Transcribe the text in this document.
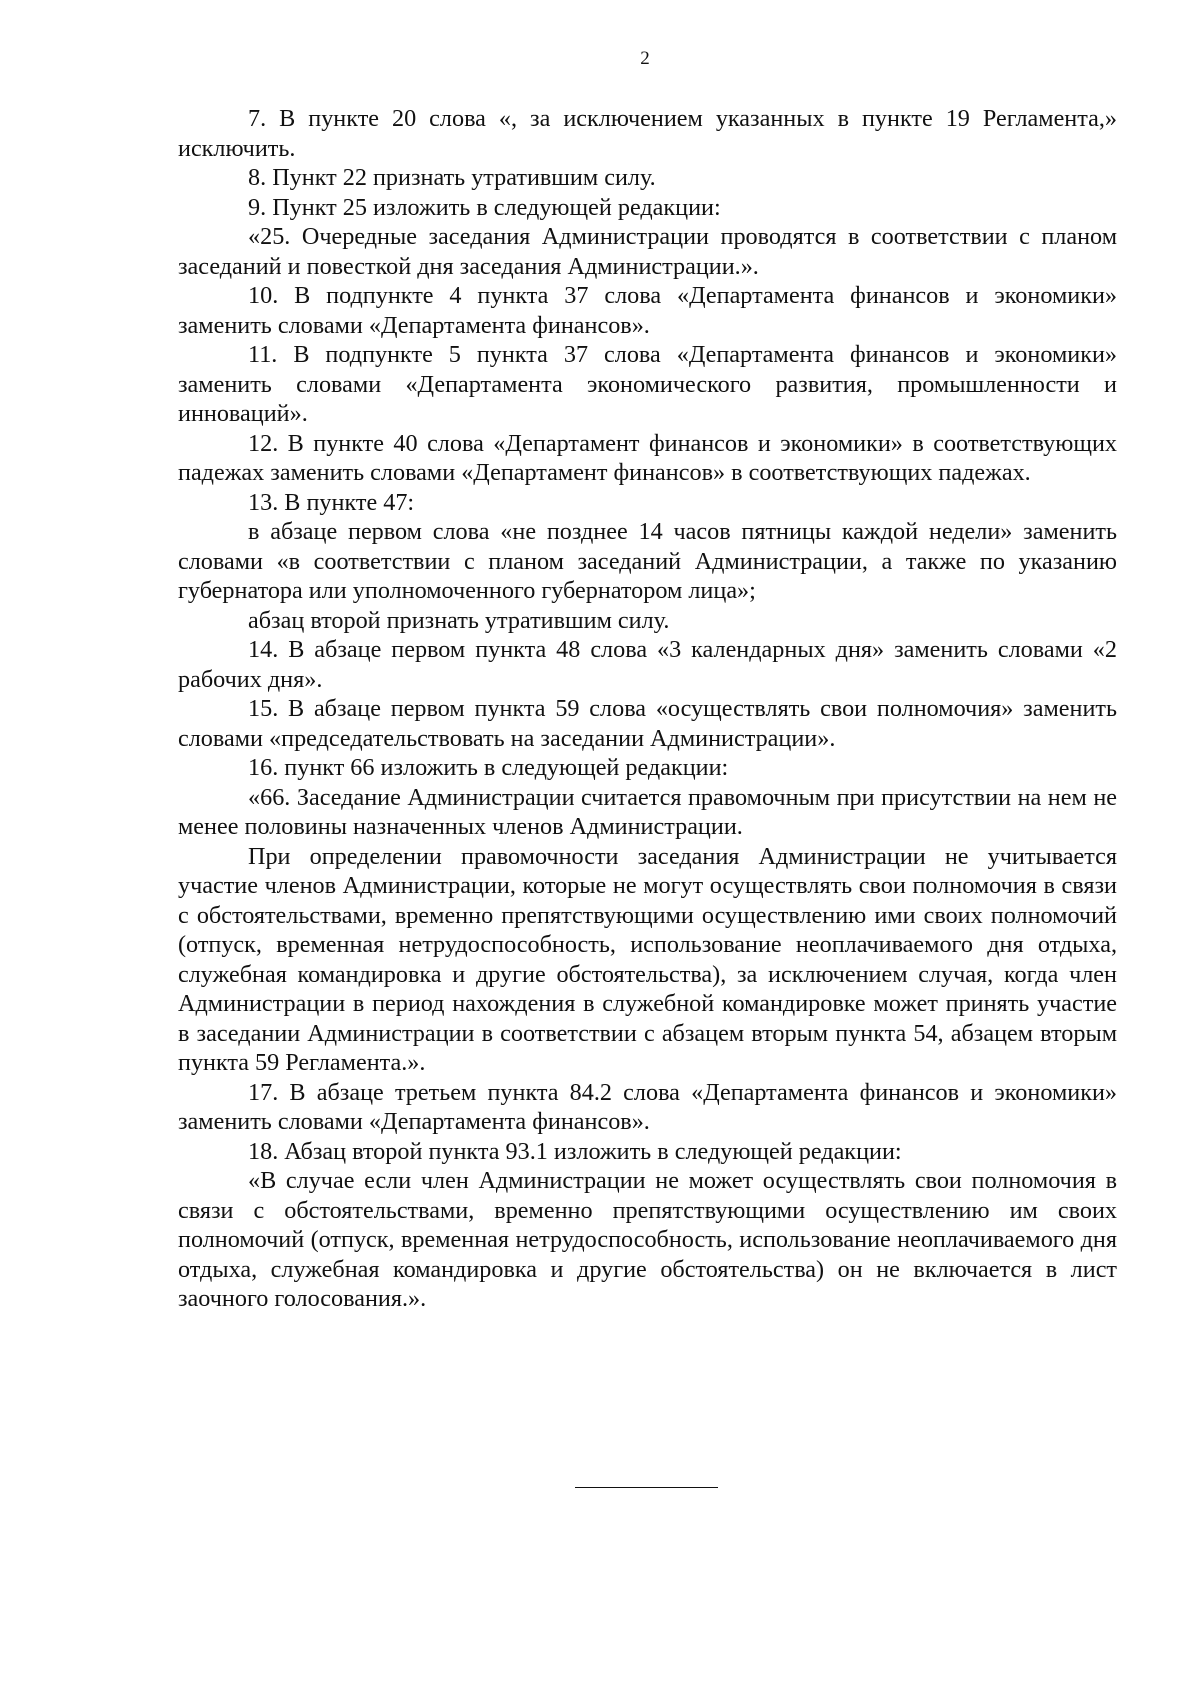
2

7. В пункте 20 слова «, за исключением указанных в пункте 19 Регламента,» исключить.

8. Пункт 22 признать утратившим силу.

9. Пункт 25 изложить в следующей редакции:

«25. Очередные заседания Администрации проводятся в соответствии с планом заседаний и повесткой дня заседания Администрации.».

10. В подпункте 4 пункта 37 слова «Департамента финансов и экономики» заменить словами «Департамента финансов».

11. В подпункте 5 пункта 37 слова «Департамента финансов и экономики» заменить словами «Департамента экономического развития, промышленности и инноваций».

12. В пункте 40 слова «Департамент финансов и экономики» в соответствующих падежах заменить словами «Департамент финансов» в соответствующих падежах.

13. В пункте 47:

в абзаце первом слова «не позднее 14 часов пятницы каждой недели» заменить словами «в соответствии с планом заседаний Администрации, а также по указанию губернатора или уполномоченного губернатором лица»;

абзац второй признать утратившим силу.

14. В абзаце первом пункта 48 слова «3 календарных дня» заменить словами «2 рабочих дня».

15. В абзаце первом пункта 59 слова «осуществлять свои полномочия» заменить словами «председательствовать на заседании Администрации».

16. пункт 66 изложить в следующей редакции:

«66. Заседание Администрации считается правомочным при присутствии на нем не менее половины назначенных членов Администрации.

При определении правомочности заседания Администрации не учитывается участие членов Администрации, которые не могут осуществлять свои полномочия в связи с обстоятельствами, временно препятствующими осуществлению ими своих полномочий (отпуск, временная нетрудоспособность, использование неоплачиваемого дня отдыха, служебная командировка и другие обстоятельства), за исключением случая, когда член Администрации в период нахождения в служебной командировке может принять участие в заседании Администрации в соответствии с абзацем вторым пункта 54, абзацем вторым пункта 59 Регламента.».

17. В абзаце третьем пункта 84.2 слова «Департамента финансов и экономики» заменить словами «Департамента финансов».

18. Абзац второй пункта 93.1 изложить в следующей редакции:

«В случае если член Администрации не может осуществлять свои полномочия в связи с обстоятельствами, временно препятствующими осуществлению им своих полномочий (отпуск, временная нетрудоспособность, использование неоплачиваемого дня отдыха, служебная командировка и другие обстоятельства) он не включается в лист заочного голосования.».
